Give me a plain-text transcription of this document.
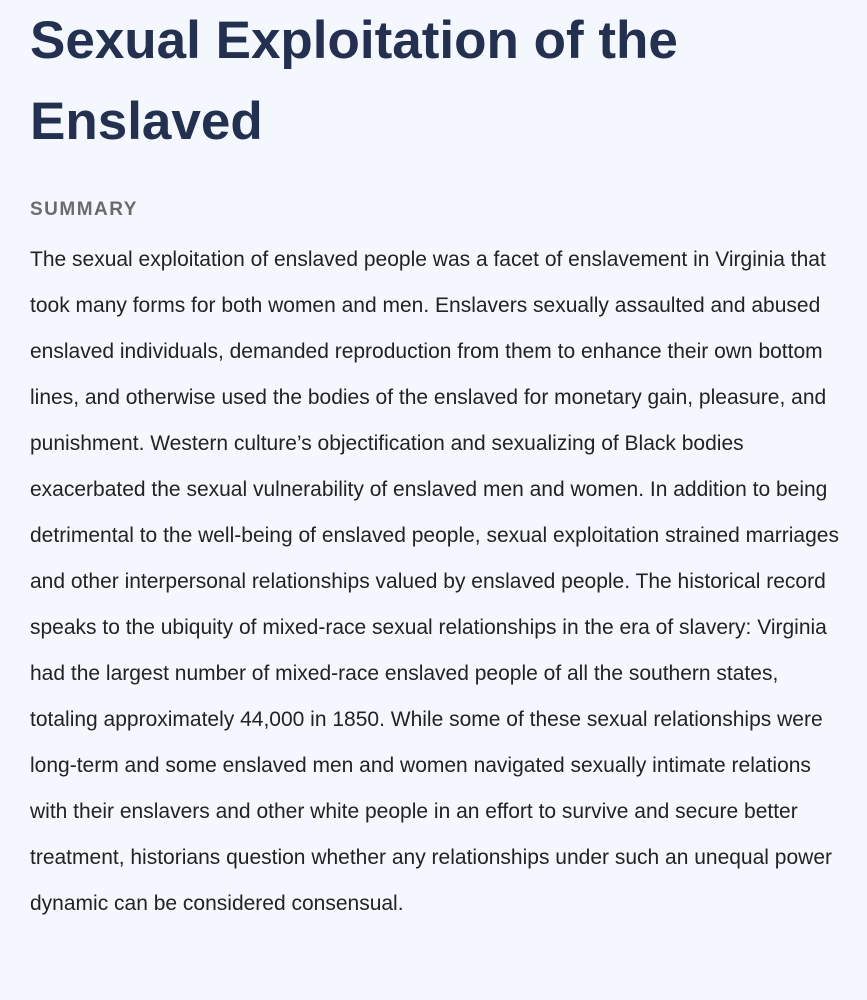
Sexual Exploitation of the Enslaved
SUMMARY

The sexual exploitation of enslaved people was a facet of enslavement in Virginia that took many forms for both women and men. Enslavers sexually assaulted and abused enslaved individuals, demanded reproduction from them to enhance their own bottom lines, and otherwise used the bodies of the enslaved for monetary gain, pleasure, and punishment. Western culture’s objectification and sexualizing of Black bodies exacerbated the sexual vulnerability of enslaved men and women. In addition to being detrimental to the well-being of enslaved people, sexual exploitation strained marriages and other interpersonal relationships valued by enslaved people. The historical record speaks to the ubiquity of mixed-race sexual relationships in the era of slavery: Virginia had the largest number of mixed-race enslaved people of all the southern states, totaling approximately 44,000 in 1850. While some of these sexual relationships were long-term and some enslaved men and women navigated sexually intimate relations with their enslavers and other white people in an effort to survive and secure better treatment, historians question whether any relationships under such an unequal power dynamic can be considered consensual.
